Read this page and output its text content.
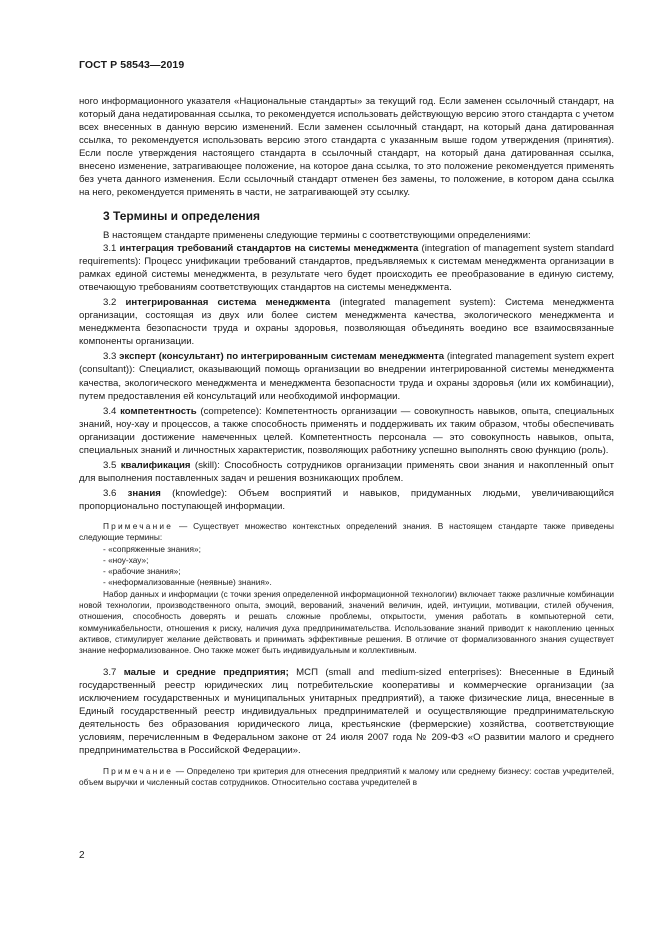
ГОСТ Р 58543—2019

ного информационного указателя «Национальные стандарты» за текущий год. Если заменен ссылочный стандарт, на который дана недатированная ссылка, то рекомендуется использовать действующую версию этого стандарта с учетом всех внесенных в данную версию изменений. Если заменен ссылочный стандарт, на который дана датированная ссылка, то рекомендуется использовать версию этого стандарта с указанным выше годом утверждения (принятия). Если после утверждения настоящего стандарта в ссылочный стандарт, на который дана датированная ссылка, внесено изменение, затрагивающее положение, на которое дана ссылка, то это положение рекомендуется применять без учета данного изменения. Если ссылочный стандарт отменен без замены, то положение, в котором дана ссылка на него, рекомендуется применять в части, не затрагивающей эту ссылку.

3 Термины и определения

В настоящем стандарте применены следующие термины с соответствующими определениями:

3.1 интеграция требований стандартов на системы менеджмента (integration of management system standard requirements): Процесс унификации требований стандартов, предъявляемых к системам менеджмента организации в рамках единой системы менеджмента, в результате чего будет происходить ее преобразование в единую систему, отвечающую требованиям соответствующих стандартов на системы менеджмента.

3.2 интегрированная система менеджмента (integrated management system): Система менеджмента организации, состоящая из двух или более систем менеджмента качества, экологического менеджмента и менеджмента безопасности труда и охраны здоровья, позволяющая объединять воедино все взаимосвязанные компоненты организации.

3.3 эксперт (консультант) по интегрированным системам менеджмента (integrated management system expert (consultant)): Специалист, оказывающий помощь организации во внедрении интегрированной системы менеджмента качества, экологического менеджмента и менеджмента безопасности труда и охраны здоровья (или их комбинации), путем предоставления ей консультаций или необходимой информации.

3.4 компетентность (competence): Компетентность организации — совокупность навыков, опыта, специальных знаний, ноу-хау и процессов, а также способность применять и поддерживать их таким образом, чтобы обеспечивать организации достижение намеченных целей. Компетентность персонала — это совокупность навыков, опыта, специальных знаний и личностных характеристик, позволяющих работнику успешно выполнять свою функцию (роль).

3.5 квалификация (skill): Способность сотрудников организации применять свои знания и накопленный опыт для выполнения поставленных задач и решения возникающих проблем.

3.6 знания (knowledge): Объем восприятий и навыков, придуманных людьми, увеличивающийся пропорционально поступающей информации.

Примечание — Существует множество контекстных определений знания. В настоящем стандарте также приведены следующие термины:

- «сопряженные знания»;

- «ноу-хау»;

- «рабочие знания»;

- «неформализованные (неявные) знания».

Набор данных и информации (с точки зрения определенной информационной технологии) включает также различные комбинации новой технологии, производственного опыта, эмоций, верований, значений величин, идей, интуиции, мотивации, стилей обучения, отношения, способность доверять и решать сложные проблемы, открытости, умения работать в компьютерной сети, коммуникабельности, отношения к риску, наличия духа предпринимательства. Использование знаний приводит к накоплению ценных активов, стимулирует желание действовать и принимать эффективные решения. В отличие от формализованного знания существует знание неформализованное. Оно также может быть индивидуальным и коллективным.

3.7 малые и средние предприятия; МСП (small and medium-sized enterprises): Внесенные в Единый государственный реестр юридических лиц потребительские кооперативы и коммерческие организации (за исключением государственных и муниципальных унитарных предприятий), а также физические лица, внесенные в Единый государственный реестр индивидуальных предпринимателей и осуществляющие предпринимательскую деятельность без образования юридического лица, крестьянские (фермерские) хозяйства, соответствующие условиям, перечисленным в Федеральном законе от 24 июля 2007 года № 209-ФЗ «О развитии малого и среднего предпринимательства в Российской Федерации».

Примечание — Определено три критерия для отнесения предприятий к малому или среднему бизнесу: состав учредителей, объем выручки и численный состав сотрудников. Относительно состава учредителей в

2
